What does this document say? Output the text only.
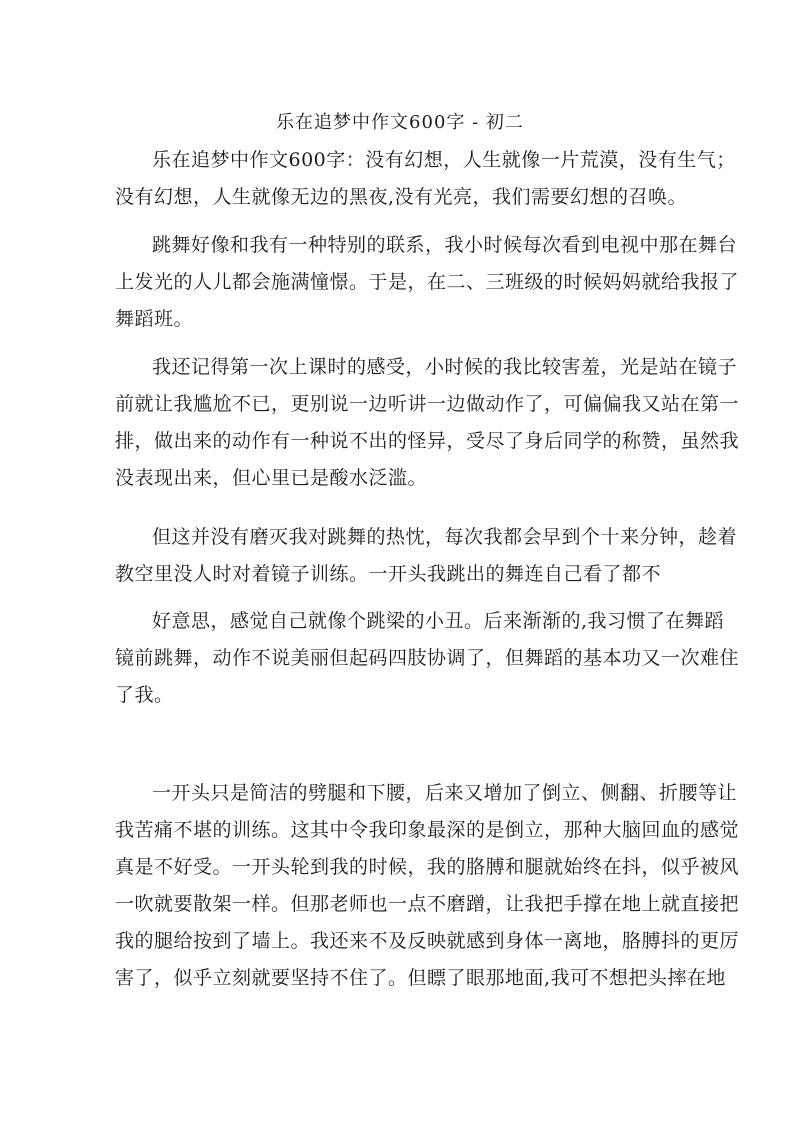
乐在追梦中作文600字 - 初二

乐在追梦中作文600字：没有幻想，人生就像一片荒漠，没有生气；
没有幻想，人生就像无边的黑夜,没有光亮，我们需要幻想的召唤。

跳舞好像和我有一种特别的联系，我小时候每次看到电视中那在舞台
上发光的人儿都会施满憧憬。于是，在二、三班级的时候妈妈就给我报了
舞蹈班。

我还记得第一次上课时的感受，小时候的我比较害羞，光是站在镜子
前就让我尴尬不已，更别说一边听讲一边做动作了，可偏偏我又站在第一
排，做出来的动作有一种说不出的怪异，受尽了身后同学的称赞，虽然我
没表现出来，但心里已是酸水泛滥。

但这并没有磨灭我对跳舞的热忱，每次我都会早到个十来分钟，趁着
教空里没人时对着镜子训练。一开头我跳出的舞连自己看了都不

好意思，感觉自己就像个跳梁的小丑。后来渐渐的,我习惯了在舞蹈
镜前跳舞，动作不说美丽但起码四肢协调了，但舞蹈的基本功又一次难住
了我。

一开头只是简洁的劈腿和下腰，后来又增加了倒立、侧翻、折腰等让
我苦痛不堪的训练。这其中令我印象最深的是倒立，那种大脑回血的感觉
真是不好受。一开头轮到我的时候，我的胳膊和腿就始终在抖，似乎被风
一吹就要散架一样。但那老师也一点不磨蹭，让我把手撑在地上就直接把
我的腿给按到了墙上。我还来不及反映就感到身体一离地，胳膊抖的更厉
害了，似乎立刻就要坚持不住了。但瞟了眼那地面,我可不想把头摔在地
